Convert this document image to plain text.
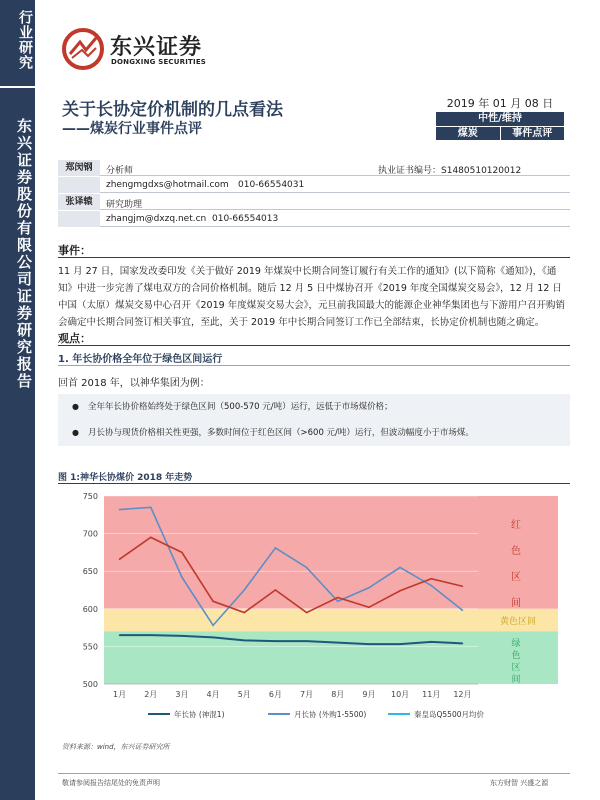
行业研究
东兴证券股份有限公司证券研究报告
东兴证券
DONGXING SECURITIES
关于长协定价机制的几点看法
——煤炭行业事件点评
2019 年 01 月 08 日
中性/维持
煤炭	事件点评
郑闵钢	分析师	执业证书编号：S1480510120012
zhengmgdxs@hotmail.com 010-66554031
张译辕	研究助理
zhangjm@dxzq.net.cn 010-66554013
事件：
11 月 27 日，国家发改委印发《关于做好 2019 年煤炭中长期合同签订履行有关工作的通知》(以下简称《通知》)，《通知》中进一步完善了煤电双方的合同价格机制。随后 12 月 5 日中煤协召开《2019 年度全国煤炭交易会》，12 月 12 日中国（太原）煤炭交易中心召开《2019 年度煤炭交易大会》，元旦前我国最大的能源企业神华集团也与下游用户召开购销会确定中长期合同签订相关事宜，至此，关于 2019 年中长期合同签订工作已全部结束，长协定价机制也随之确定。
观点：
1. 年长协价格全年位于绿色区间运行
回首 2018 年，以神华集团为例：
● 全年年长协价格始终处于绿色区间（500-570 元/吨）运行，远低于市场煤价格；
● 月长协与现货价格相关性更强，多数时间位于红色区间（>600 元/吨）运行，但波动幅度小于市场煤。
图 1:神华长协煤价 2018 年走势
红
色
区
间
黄色区间
绿
色
区
间
500
550
600
650
700
750
1月 2月 3月 4月 5月 6月 7月 8月 9月 10月 11月 12月
年长协 (神混1)	月长协 (外购1-5500)	秦皇岛Q5500月均价
资料来源：wind，东兴证券研究所
敬请参阅报告结尾处的免责声明	东方财智 兴盛之源
